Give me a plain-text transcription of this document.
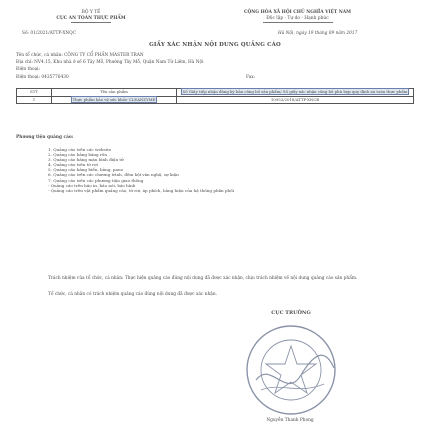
BỘ Y TẾ
CỤC AN TOÀN THỰC PHẨM
CỘNG HÒA XÃ HỘI CHỦ NGHĨA VIỆT NAM
Độc lập - Tự do - Hạnh phúc
Số: 01/2021/ATTP-XNQC	Hà Nội, ngày 19 tháng 09 năm 2017
GIẤY XÁC NHẬN NỘI DUNG QUẢNG CÁO
Tên tổ chức, cá nhân: CÔNG TY CỔ PHẦN MASTER TRAN
Địa chỉ: NV4.15, Khu nhà ở số 6 Tây Mỗ, Phường Tây Mỗ, Quận Nam Từ Liêm, Hà Nội
Điện thoại:
Điện thoại: 0435776430	Fax:
STT	Tên sản phẩm	Số Giấy tiếp nhận đăng ký bản công bố sản phẩm/ Số giấy xác nhận công bố phù hợp quy định an toàn thực phẩm
1	Thực phẩm bảo vệ sức khỏe CLEANZYME	10953/2018/ATTP-XNCB
Phương tiện quảng cáo:
1. Quảng cáo trên các website
2. Quảng cáo bằng băng rôn
3. Quảng cáo bằng màn hình điện tử
4. Quảng cáo trên tờ rơi
5. Quảng cáo bằng biển, bảng, pano
6. Quảng cáo trên các chương trình, đêm hội văn nghệ, sự kiện
7. Quảng cáo trên các phương tiện giao thông
- Quảng cáo trên báo in, báo nói, báo hình
- Quảng cáo trên vật phẩm quảng cáo, tờ rơi, áp phích, bảng hiệu của hệ thống phân phối
Trách nhiệm của tổ chức, cá nhân: Thực hiện quảng cáo đúng nội dung đã được xác nhận, chịu trách nhiệm về nội dung quảng cáo sản phẩm.
Tổ chức, cá nhân có trách nhiệm quảng cáo đúng nội dung đã được xác nhận.
CỤC TRƯỞNG
Nguyễn Thanh Phong
